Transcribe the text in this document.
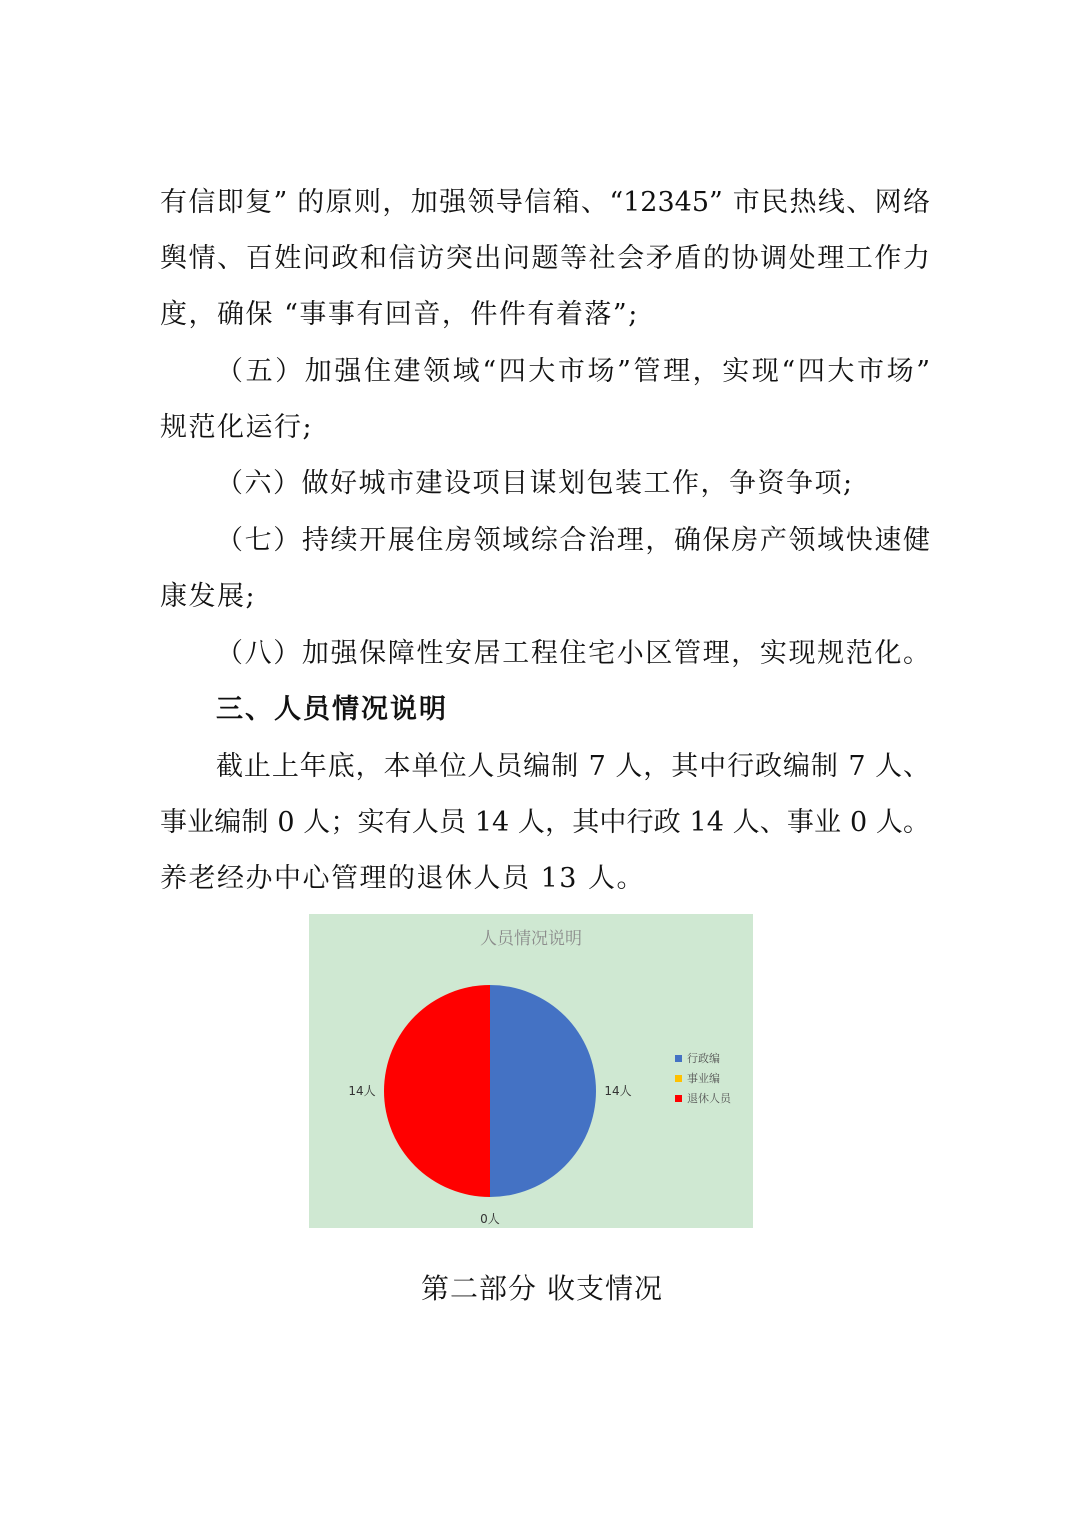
有信即复” 的原则，加强领导信箱、“12345” 市民热线、网络
舆情、百姓问政和信访突出问题等社会矛盾的协调处理工作力
度，确保 “事事有回音，件件有着落”;
（五）加强住建领域“四大市场”管理，实现“四大市场”
规范化运行;
（六）做好城市建设项目谋划包装工作，争资争项;
（七）持续开展住房领域综合治理，确保房产领域快速健
康发展;
（八）加强保障性安居工程住宅小区管理，实现规范化。
三、人员情况说明
截止上年底，本单位人员编制 7 人，其中行政编制 7 人、
事业编制 0 人；实有人员 14 人，其中行政 14 人、事业 0 人。
养老经办中心管理的退休人员 13 人。
人员情况说明
14人
0人
14人
行政编
事业编
退休人员
第二部分 收支情况
